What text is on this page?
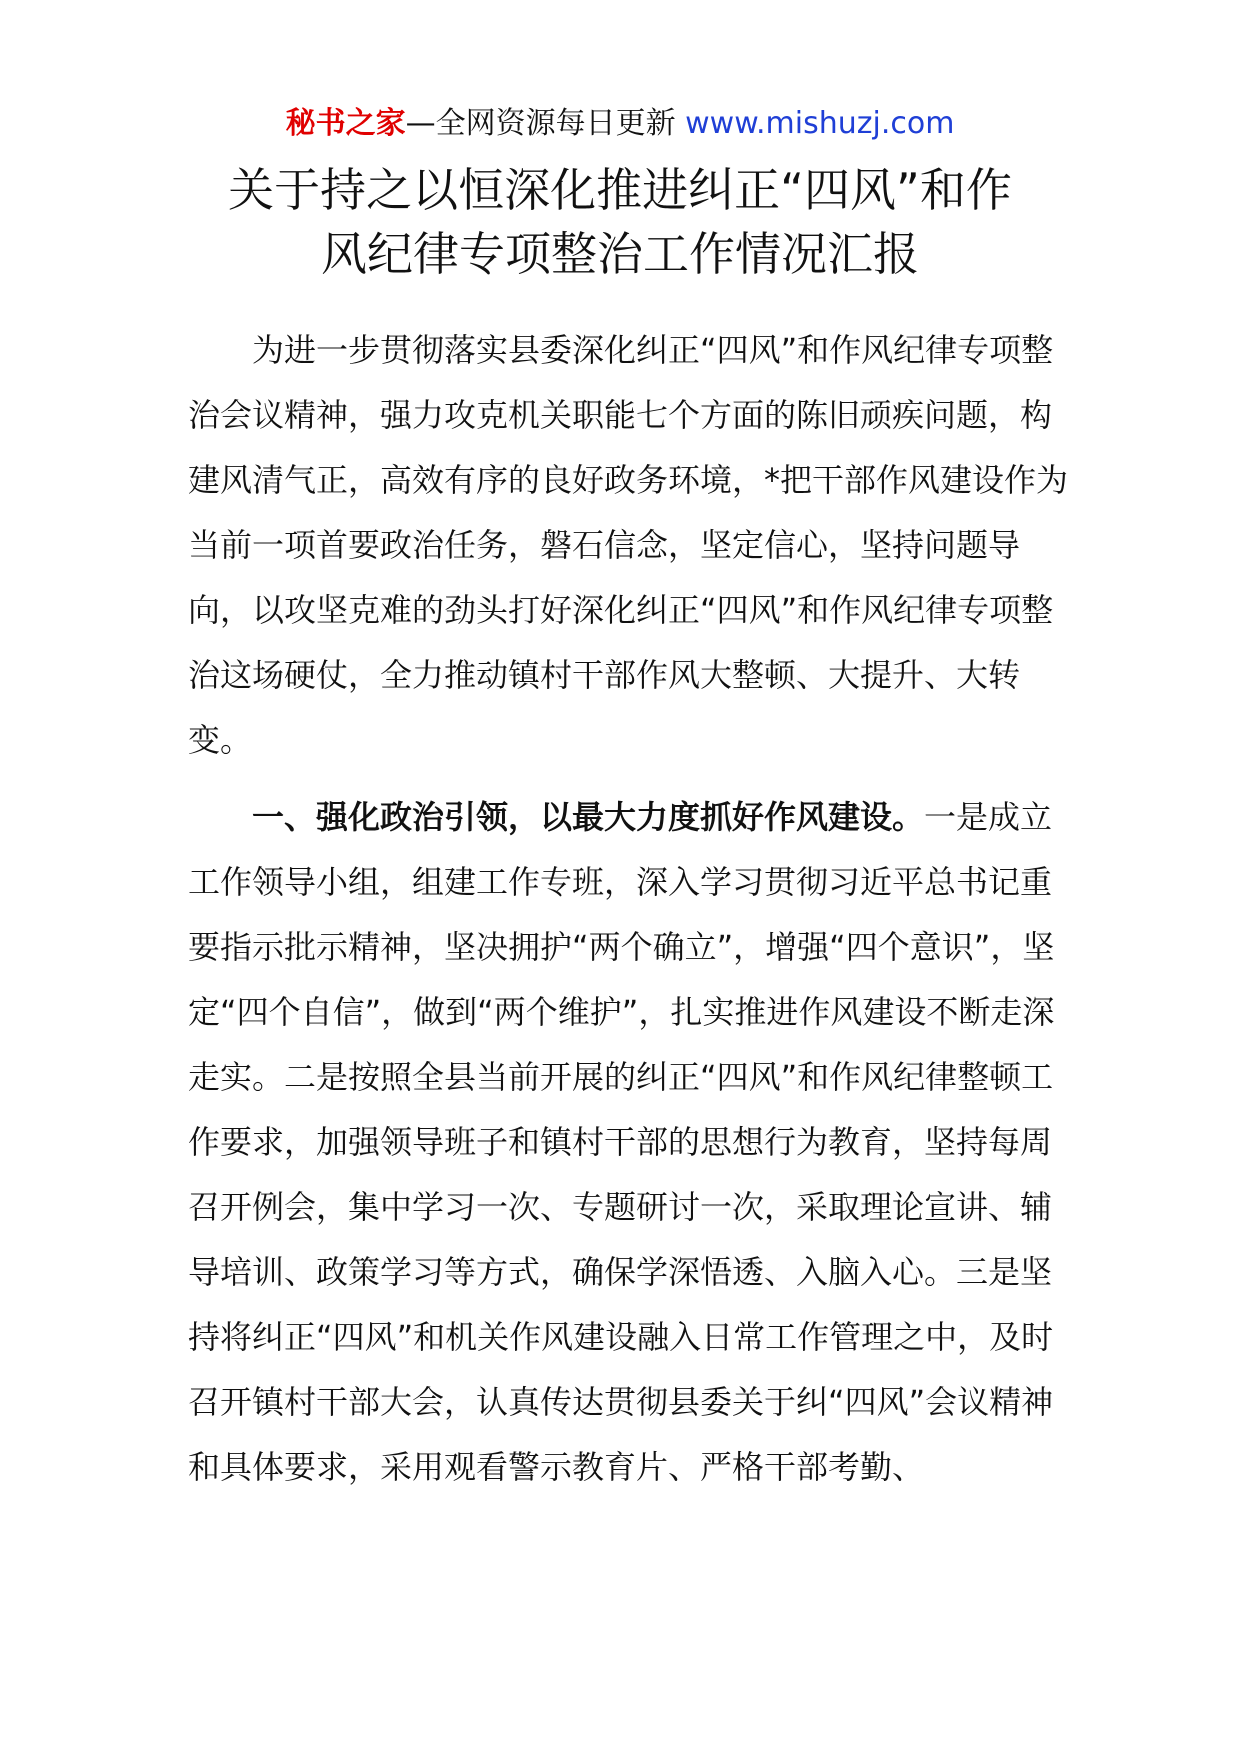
秘书之家—全网资源每日更新 www.mishuzj.com
关于持之以恒深化推进纠正“四风”和作
风纪律专项整治工作情况汇报

为进一步贯彻落实县委深化纠正“四风”和作风纪律专项整治会议精神，强力攻克机关职能七个方面的陈旧顽疾问题，构建风清气正，高效有序的良好政务环境，*把干部作风建设作为当前一项首要政治任务，磐石信念，坚定信心，坚持问题导向，以攻坚克难的劲头打好深化纠正“四风”和作风纪律专项整治这场硬仗，全力推动镇村干部作风大整顿、大提升、大转变。

一、强化政治引领，以最大力度抓好作风建设。一是成立工作领导小组，组建工作专班，深入学习贯彻习近平总书记重要指示批示精神，坚决拥护“两个确立”，增强“四个意识”，坚定“四个自信”，做到“两个维护”，扎实推进作风建设不断走深走实。二是按照全县当前开展的纠正“四风”和作风纪律整顿工作要求，加强领导班子和镇村干部的思想行为教育，坚持每周召开例会，集中学习一次、专题研讨一次，采取理论宣讲、辅导培训、政策学习等方式，确保学深悟透、入脑入心。三是坚持将纠正“四风”和机关作风建设融入日常工作管理之中，及时召开镇村干部大会，认真传达贯彻县委关于纠“四风”会议精神和具体要求，采用观看警示教育片、严格干部考勤、
